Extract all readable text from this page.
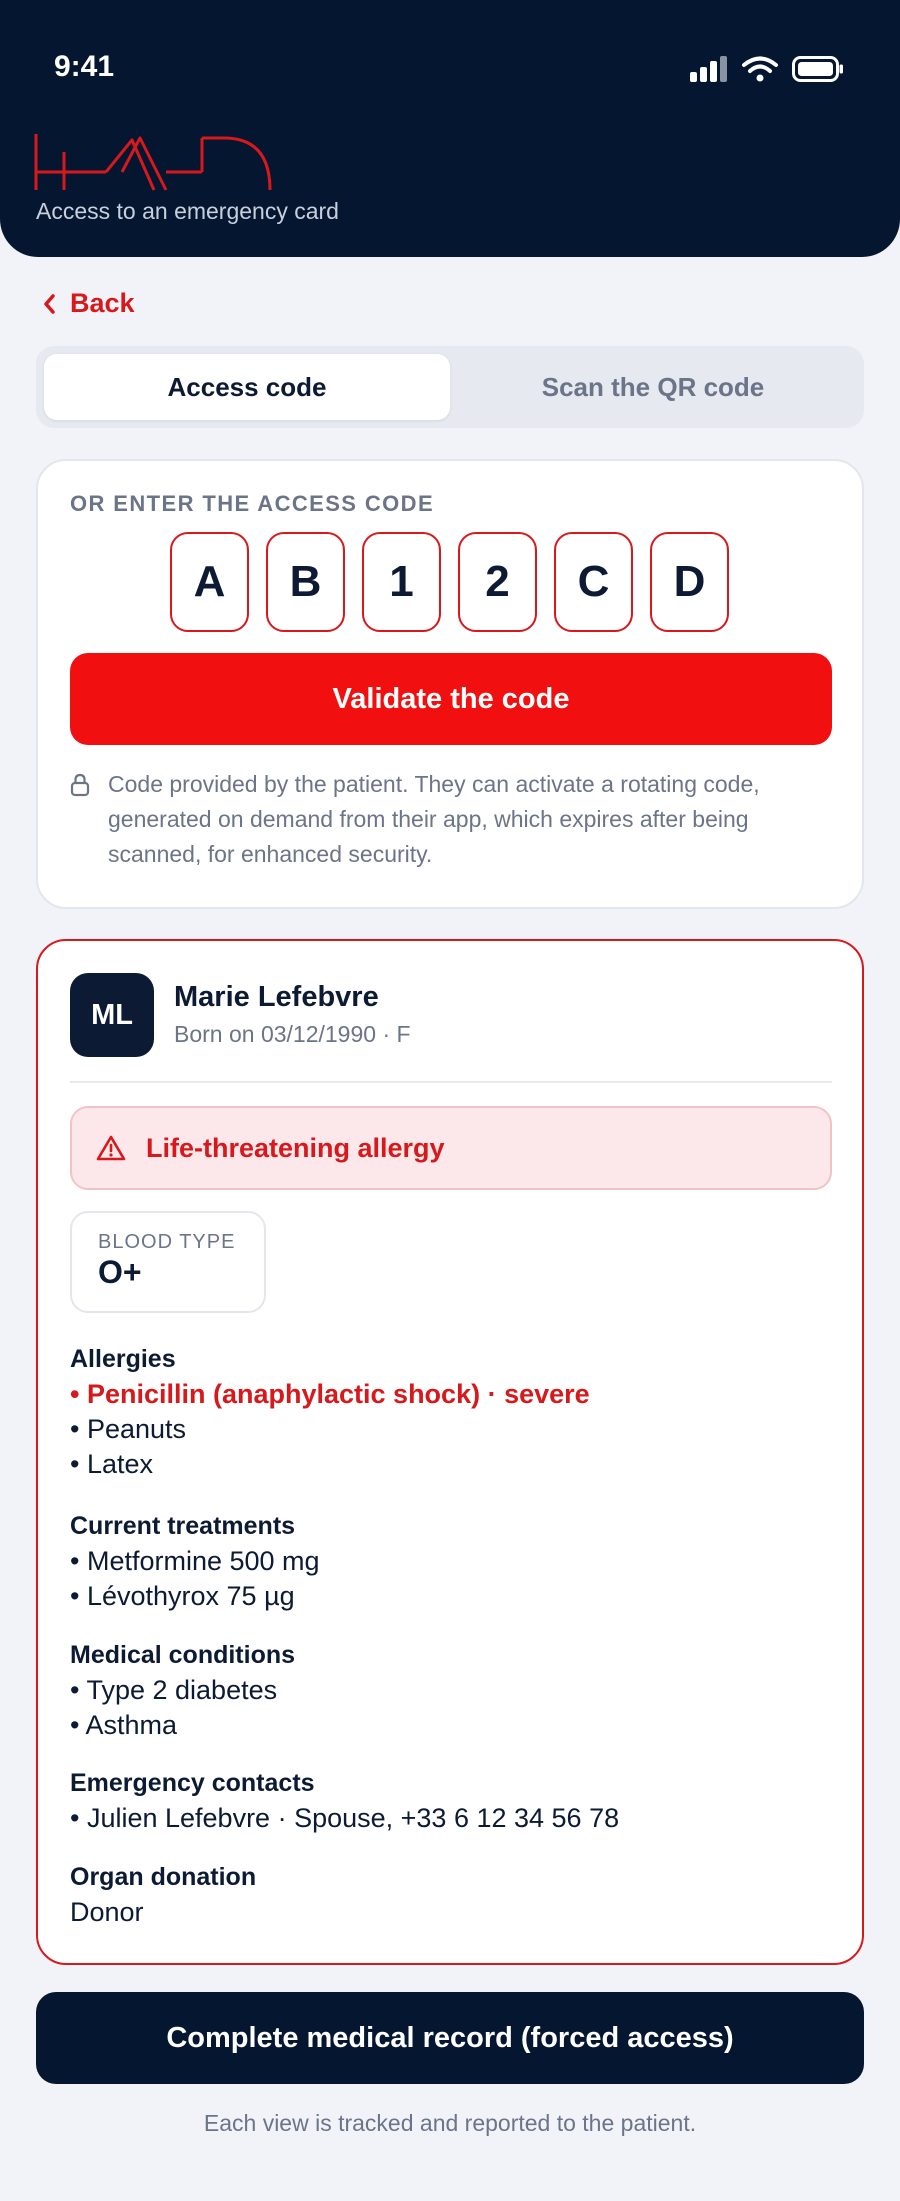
9:41
Access to an emergency card
Back
Access code	Scan the QR code
OR ENTER THE ACCESS CODE
A	B	1	2	C	D
Validate the code
Code provided by the patient. They can activate a rotating code, generated on demand from their app, which expires after being scanned, for enhanced security.
ML
Marie Lefebvre
Born on 03/12/1990 · F
Life-threatening allergy
BLOOD TYPE
O+
Allergies
• Penicillin (anaphylactic shock) · severe
• Peanuts
• Latex
Current treatments
• Metformine 500 mg
• Lévothyrox 75 µg
Medical conditions
• Type 2 diabetes
• Asthma
Emergency contacts
• Julien Lefebvre · Spouse, +33 6 12 34 56 78
Organ donation
Donor
Complete medical record (forced access)
Each view is tracked and reported to the patient.
